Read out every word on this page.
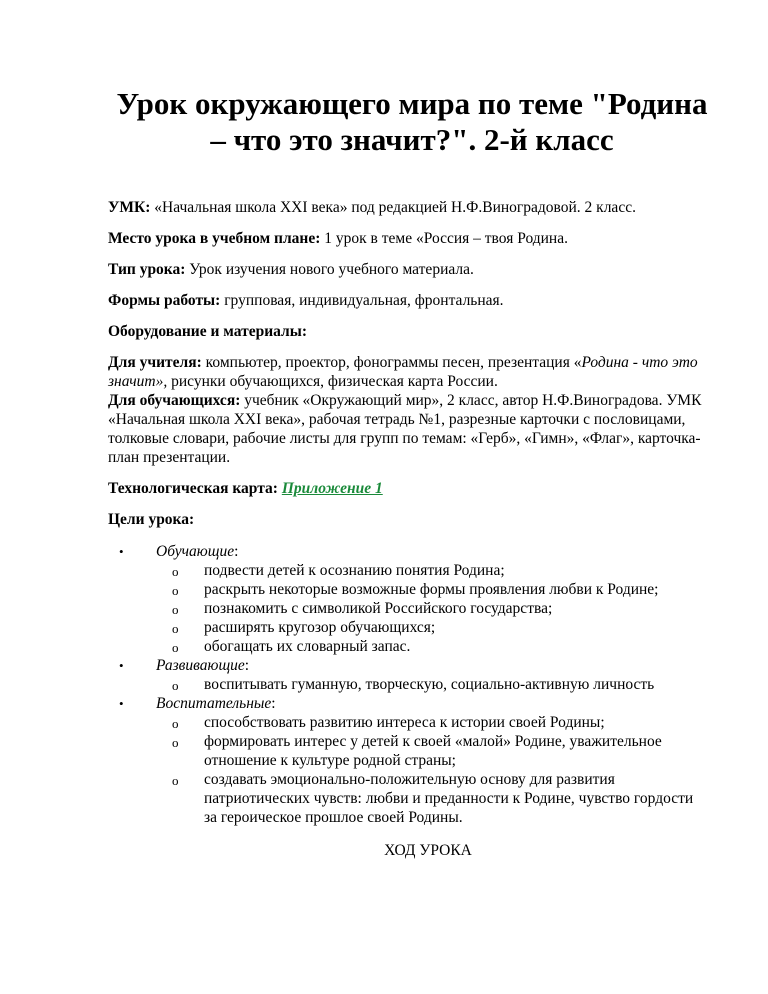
Урок окружающего мира по теме "Родина – что это значит?". 2-й класс

УМК: «Начальная школа XXI века» под редакцией Н.Ф.Виноградовой. 2 класс.

Место урока в учебном плане: 1 урок в теме «Россия – твоя Родина.

Тип урока: Урок изучения нового учебного материала.

Формы работы: групповая, индивидуальная, фронтальная.

Оборудование и материалы:

Для учителя: компьютер, проектор, фонограммы песен, презентация «Родина - что это значит», рисунки обучающихся, физическая карта России.

Для обучающихся: учебник «Окружающий мир», 2 класс, автор Н.Ф.Виноградова. УМК «Начальная школа XXI века», рабочая тетрадь №1, разрезные карточки с пословицами, толковые словари, рабочие листы для групп по темам: «Герб», «Гимн», «Флаг», карточка-план презентации.

Технологическая карта: Приложение 1

Цели урока:

• Обучающие:
o подвести детей к осознанию понятия Родина;
o раскрыть некоторые возможные формы проявления любви к Родине;
o познакомить с символикой Российского государства;
o расширять кругозор обучающихся;
o обогащать их словарный запас.
• Развивающие:
o воспитывать гуманную, творческую, социально-активную личность
• Воспитательные:
o способствовать развитию интереса к истории своей Родины;
o формировать интерес у детей к своей «малой» Родине, уважительное отношение к культуре родной страны;
o создавать эмоционально-положительную основу для развития патриотических чувств: любви и преданности к Родине, чувство гордости за героическое прошлое своей Родины.
ХОД УРОКА
